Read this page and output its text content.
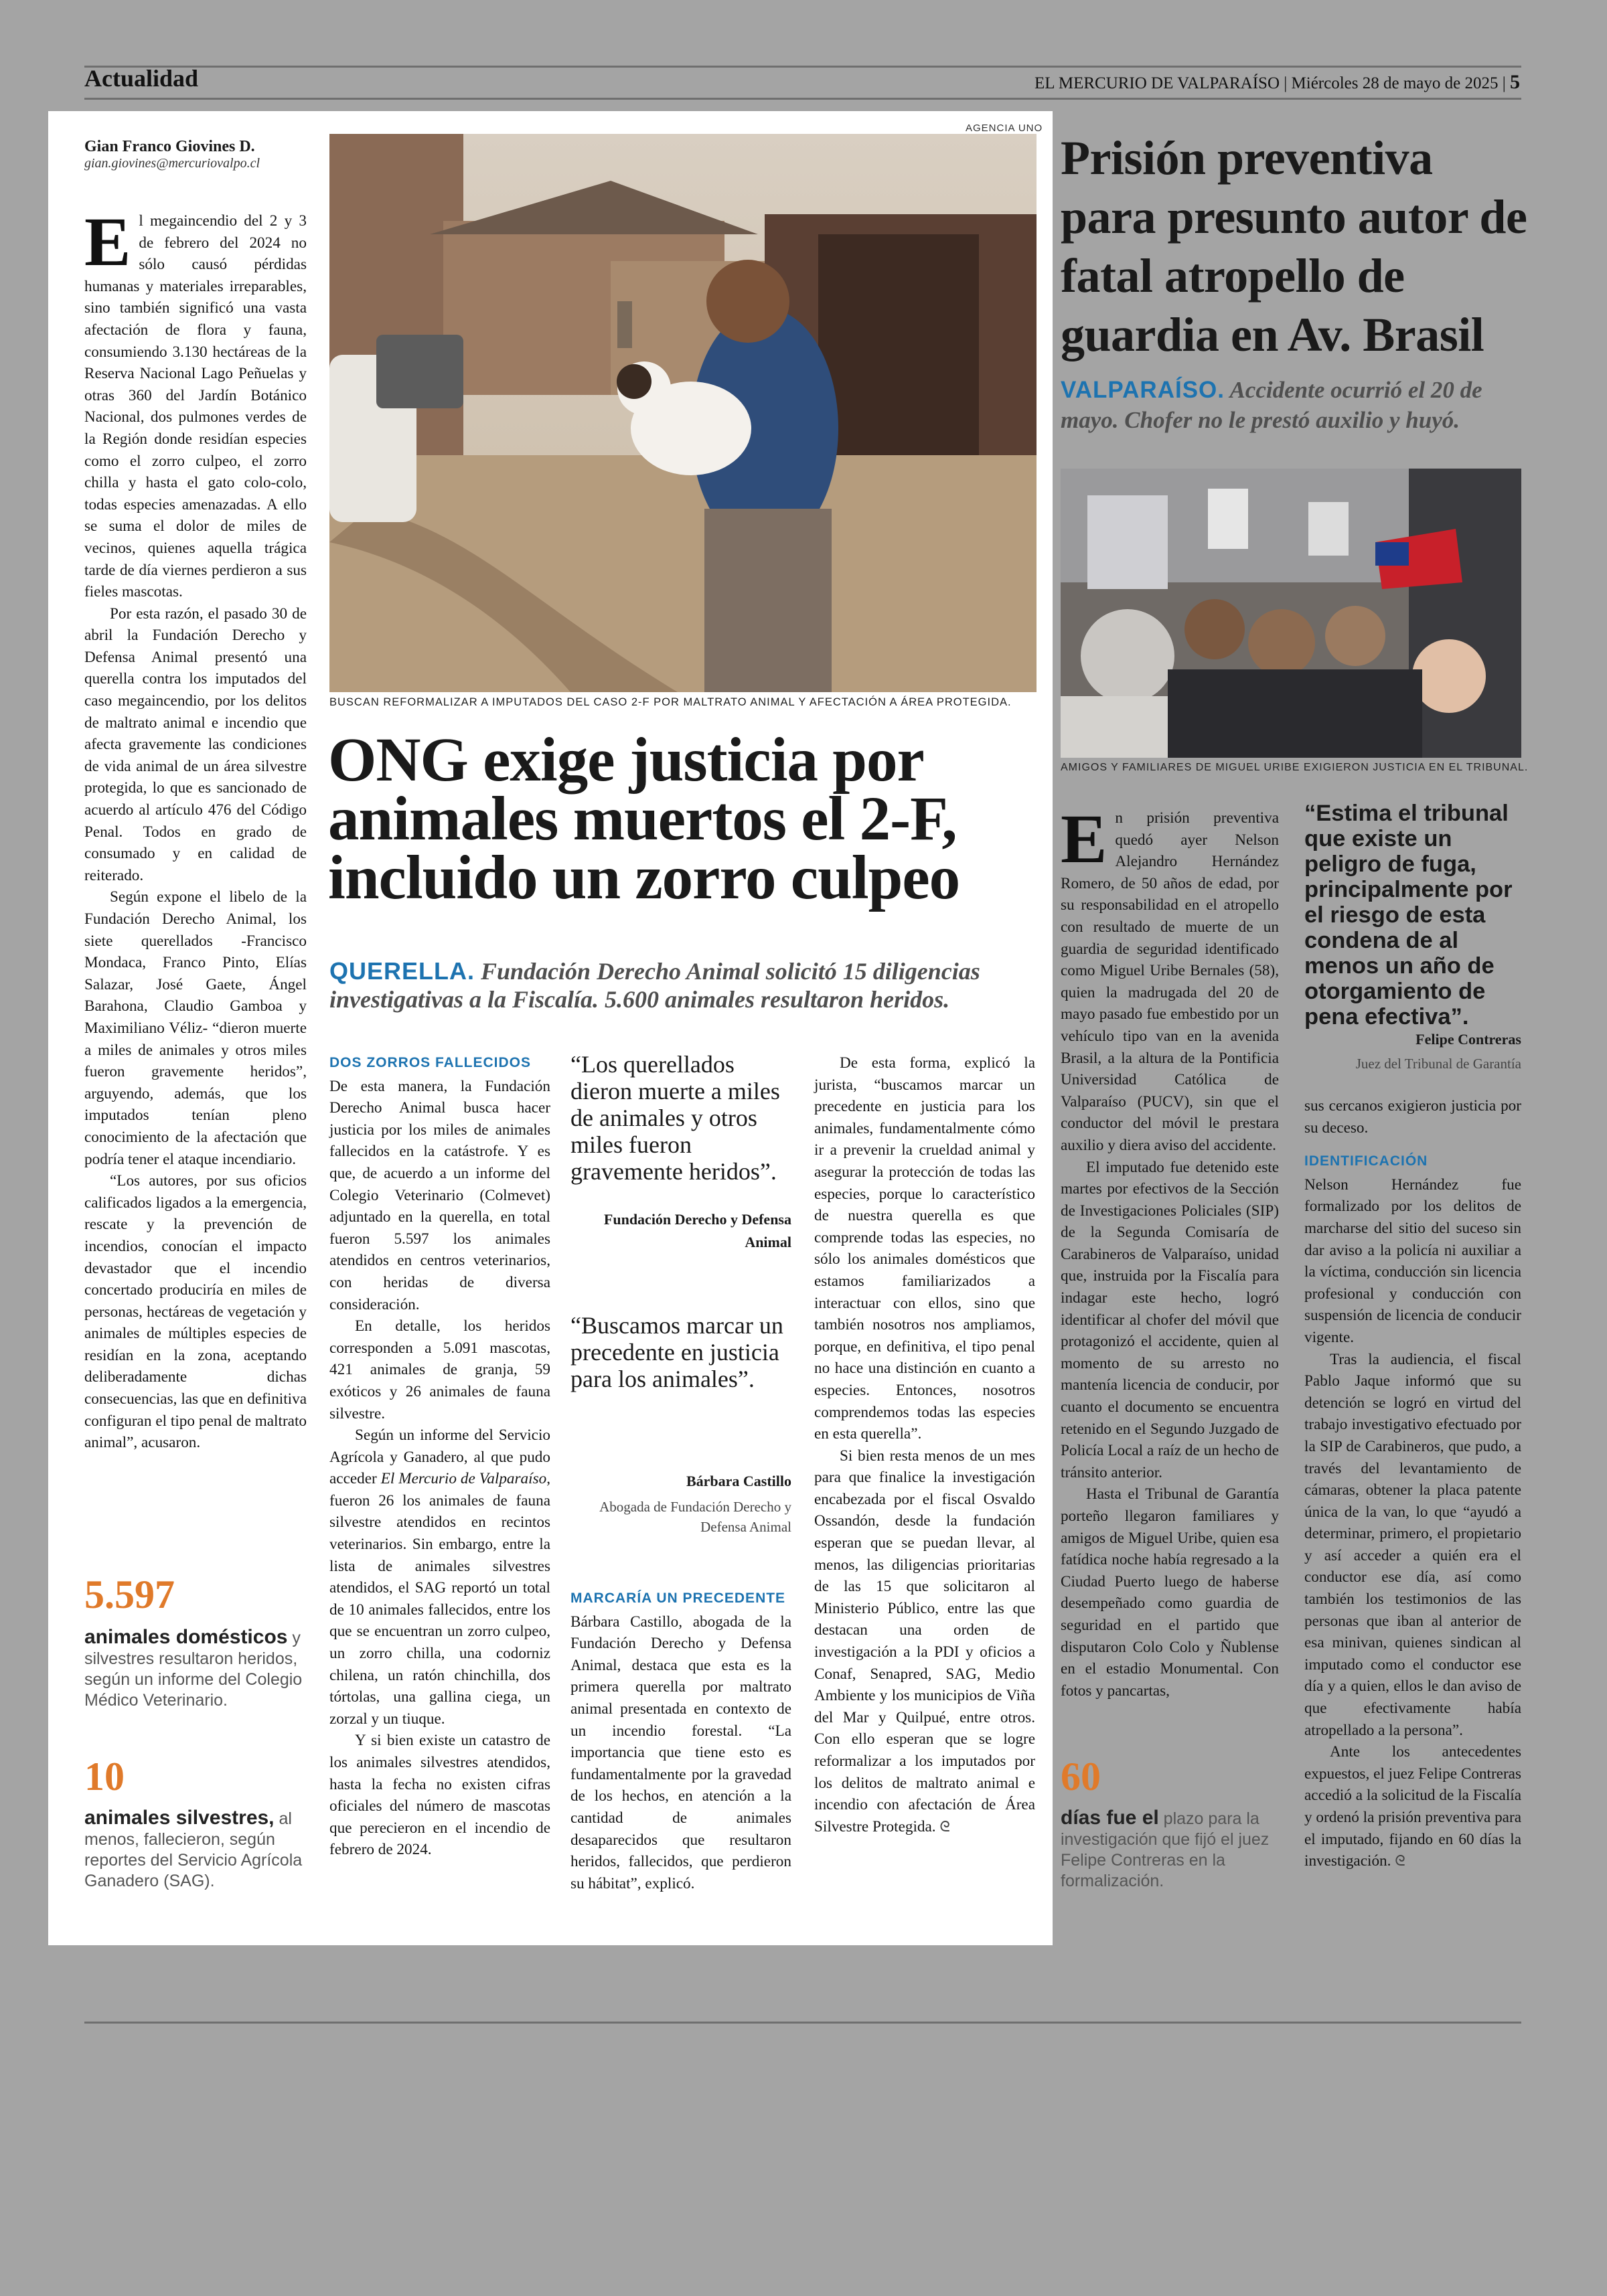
Actualidad	EL MERCURIO DE VALPARAÍSO | Miércoles 28 de mayo de 2025 | 5
AGENCIA UNO
BUSCAN REFORMALIZAR A IMPUTADOS DEL CASO 2-F POR MALTRATO ANIMAL Y AFECTACIÓN A ÁREA PROTEGIDA.
ONG exige justicia por animales muertos el 2-F, incluido un zorro culpeo
QUERELLA. Fundación Derecho Animal solicitó 15 diligencias investigativas a la Fiscalía. 5.600 animales resultaron heridos.
Gian Franco Giovines D.
gian.giovines@mercuriovalpo.cl

El megaincendio del 2 y 3 de febrero del 2024 no sólo causó pérdidas humanas y materiales irreparables, sino también significó una vasta afectación de flora y fauna, consumiendo 3.130 hectáreas de la Reserva Nacional Lago Peñuelas y otras 360 del Jardín Botánico Nacional, dos pulmones verdes de la Región donde residían especies como el zorro culpeo, el zorro chilla y hasta el gato colo-colo, todas especies amenazadas. A ello se suma el dolor de miles de vecinos, quienes aquella trágica tarde de día viernes perdieron a sus fieles mascotas.

Por esta razón, el pasado 30 de abril la Fundación Derecho y Defensa Animal presentó una querella contra los imputados del caso megaincendio, por los delitos de maltrato animal e incendio que afecta gravemente las condiciones de vida animal de un área silvestre protegida, lo que es sancionado de acuerdo al artículo 476 del Código Penal. Todos en grado de consumado y en calidad de reiterado.

Según expone el libelo de la Fundación Derecho Animal, los siete querellados -Francisco Mondaca, Franco Pinto, Elías Salazar, José Gaete, Ángel Barahona, Claudio Gamboa y Maximiliano Véliz- “dieron muerte a miles de animales y otros miles fueron gravemente heridos”, arguyendo, además, que los imputados tenían pleno conocimiento de la afectación que podría tener el ataque incendiario.

“Los autores, por sus oficios calificados ligados a la emergencia, rescate y la prevención de incendios, conocían el impacto devastador que el incendio concertado produciría en miles de personas, hectáreas de vegetación y animales de múltiples especies de residían en la zona, aceptando deliberadamente dichas consecuencias, las que en definitiva configuran el tipo penal de maltrato animal”, acusaron.

5.597
animales domésticos y silvestres resultaron heridos, según un informe del Colegio Médico Veterinario.
10
animales silvestres, al menos, fallecieron, según reportes del Servicio Agrícola Ganadero (SAG).
DOS ZORROS FALLECIDOS

De esta manera, la Fundación Derecho Animal busca hacer justicia por los miles de animales fallecidos en la catástrofe. Y es que, de acuerdo a un informe del Colegio Veterinario (Colmevet) adjuntado en la querella, en total fueron 5.597 los animales atendidos en centros veterinarios, con heridas de diversa consideración.

En detalle, los heridos corresponden a 5.091 mascotas, 421 animales de granja, 59 exóticos y 26 animales de fauna silvestre.

Según un informe del Servicio Agrícola y Ganadero, al que pudo acceder El Mercurio de Valparaíso, fueron 26 los animales de fauna silvestre atendidos en recintos veterinarios. Sin embargo, entre la lista de animales silvestres atendidos, el SAG reportó un total de 10 animales fallecidos, entre los que se encuentran un zorro culpeo, un zorro chilla, una codorniz chilena, un ratón chinchilla, dos tórtolas, una gallina ciega, un zorzal y un tiuque.

Y si bien existe un catastro de los animales silvestres atendidos, hasta la fecha no existen cifras oficiales del número de mascotas que perecieron en el incendio de febrero de 2024.

“Los querellados dieron muerte a miles de animales y otros miles fueron gravemente heridos”.
Fundación Derecho y Defensa Animal
“Buscamos marcar un precedente en justicia para los animales”.
Bárbara Castillo
Abogada de Fundación Derecho y Defensa Animal
MARCARÍA UN PRECEDENTE

Bárbara Castillo, abogada de la Fundación Derecho y Defensa Animal, destaca que esta es la primera querella por maltrato animal presentada en contexto de un incendio forestal. “La importancia que tiene esto es fundamentalmente por la gravedad de los hechos, en atención a la cantidad de animales desaparecidos que resultaron heridos, fallecidos, que perdieron su hábitat”, explicó.

De esta forma, explicó la jurista, “buscamos marcar un precedente en justicia para los animales, fundamentalmente cómo ir a prevenir la crueldad animal y asegurar la protección de todas las especies, porque lo característico de nuestra querella es que comprende todas las especies, no sólo los animales domésticos que estamos familiarizados a interactuar con ellos, sino que también nosotros nos ampliamos, porque, en definitiva, el tipo penal no hace una distinción en cuanto a especies. Entonces, nosotros comprendemos todas las especies en esta querella”.

Si bien resta menos de un mes para que finalice la investigación encabezada por el fiscal Osvaldo Ossandón, desde la fundación esperan que se puedan llevar, al menos, las diligencias prioritarias de las 15 que solicitaron al Ministerio Público, entre las que destacan una orden de investigación a la PDI y oficios a Conaf, Senapred, SAG, Medio Ambiente y los municipios de Viña del Mar y Quilpué, entre otros. Con ello esperan que se logre reformalizar a los imputados por los delitos de maltrato animal e incendio con afectación de Área Silvestre Protegida. ᘓ

Prisión preventiva para presunto autor de fatal atropello de guardia en Av. Brasil
VALPARAÍSO. Accidente ocurrió el 20 de mayo. Chofer no le prestó auxilio y huyó.
AMIGOS Y FAMILIARES DE MIGUEL URIBE EXIGIERON JUSTICIA EN EL TRIBUNAL.

En prisión preventiva quedó ayer Nelson Alejandro Hernández Romero, de 50 años de edad, por su responsabilidad en el atropello con resultado de muerte de un guardia de seguridad identificado como Miguel Uribe Bernales (58), quien la madrugada del 20 de mayo pasado fue embestido por un vehículo tipo van en la avenida Brasil, a la altura de la Pontificia Universidad Católica de Valparaíso (PUCV), sin que el conductor del móvil le prestara auxilio y diera aviso del accidente.

El imputado fue detenido este martes por efectivos de la Sección de Investigaciones Policiales (SIP) de la Segunda Comisaría de Carabineros de Valparaíso, unidad que, instruida por la Fiscalía para indagar este hecho, logró identificar al chofer del móvil que protagonizó el accidente, quien al momento de su arresto no mantenía licencia de conducir, por cuanto el documento se encuentra retenido en el Segundo Juzgado de Policía Local a raíz de un hecho de tránsito anterior.

Hasta el Tribunal de Garantía porteño llegaron familiares y amigos de Miguel Uribe, quien esa fatídica noche había regresado a la Ciudad Puerto luego de haberse desempeñado como guardia de seguridad en el partido que disputaron Colo Colo y Ñublense en el estadio Monumental. Con fotos y pancartas,

“Estima el tribunal que existe un peligro de fuga, principalmente por el riesgo de esta condena de al menos un año de otorgamiento de pena efectiva”.
Felipe Contreras
Juez del Tribunal de Garantía

sus cercanos exigieron justicia por su deceso.

IDENTIFICACIÓN

Nelson Hernández fue formalizado por los delitos de marcharse del sitio del suceso sin dar aviso a la policía ni auxiliar a la víctima, conducción sin licencia profesional y conducción con suspensión de licencia de conducir vigente.

Tras la audiencia, el fiscal Pablo Jaque informó que su detención se logró en virtud del trabajo investigativo efectuado por la SIP de Carabineros, que pudo, a través del levantamiento de cámaras, obtener la placa patente única de la van, lo que “ayudó a determinar, primero, el propietario y así acceder a quién era el conductor ese día, así como también los testimonios de las personas que iban al anterior de esa minivan, quienes sindican al imputado como el conductor ese día y a quien, ellos le dan aviso de que efectivamente había atropellado a la persona”.

Ante los antecedentes expuestos, el juez Felipe Contreras accedió a la solicitud de la Fiscalía y ordenó la prisión preventiva para el imputado, fijando en 60 días la investigación. ᘓ

60
días fue el plazo para la investigación que fijó el juez Felipe Contreras en la formalización.
